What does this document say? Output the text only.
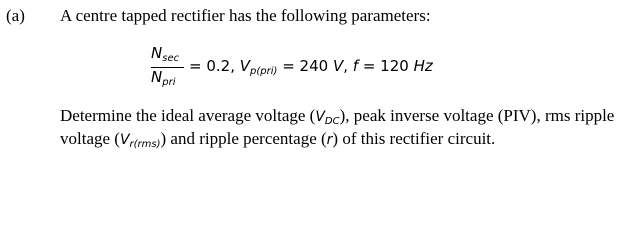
(a) A centre tapped rectifier has the following parameters:
$N_{sec}$
$N_{pri}$
= 0.2, $V_{p(pri)} = 240$ V, f = 120 Hz
Determine the ideal average voltage $(V_{DC})$, peak inverse voltage (PIV), rms ripple voltage $(V_{r(rms)})$ and ripple percentage (r) of this rectifier circuit.
